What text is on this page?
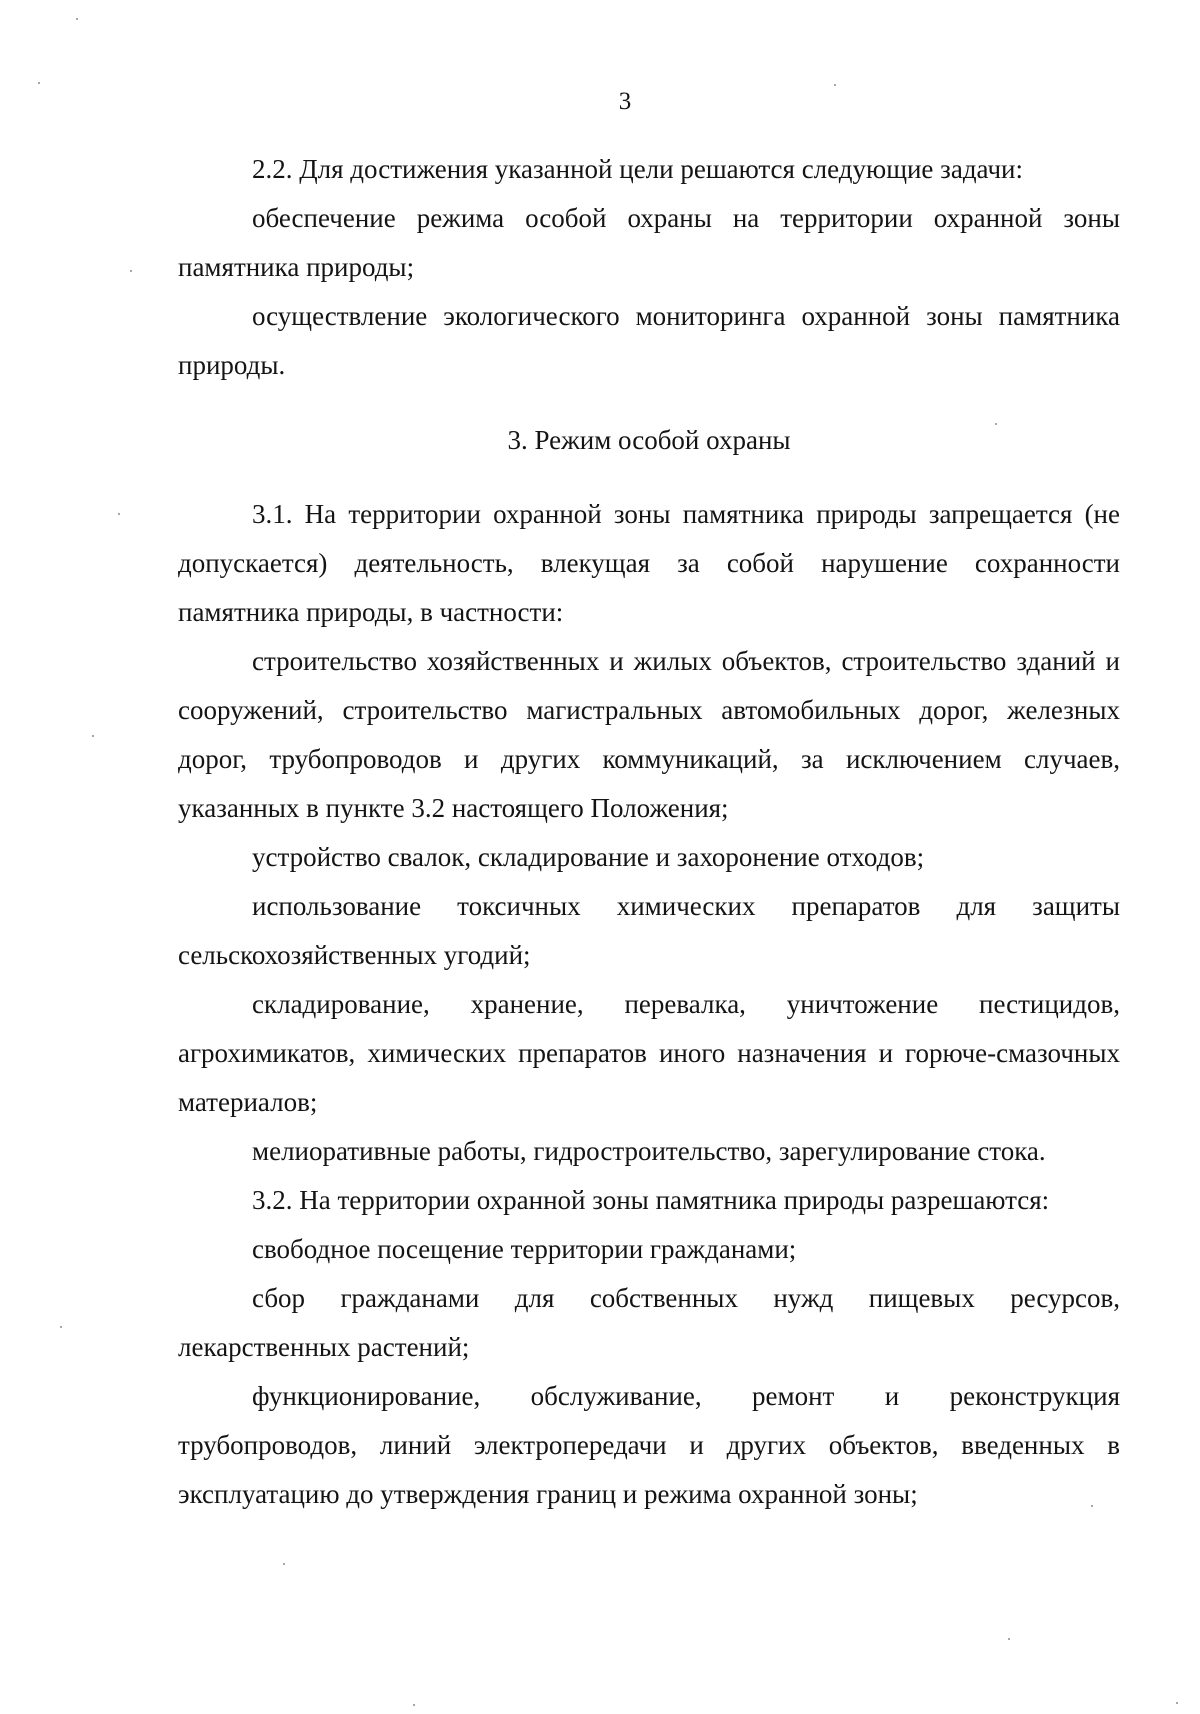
3

2.2. Для достижения указанной цели решаются следующие задачи:

обеспечение режима особой охраны на территории охранной зоны памятника природы;

осуществление экологического мониторинга охранной зоны памятника природы.

3. Режим особой охраны

3.1. На территории охранной зоны памятника природы запрещается (не допускается) деятельность, влекущая за собой нарушение сохранности памятника природы, в частности:

строительство хозяйственных и жилых объектов, строительство зданий и сооружений, строительство магистральных автомобильных дорог, железных дорог, трубопроводов и других коммуникаций, за исключением случаев, указанных в пункте 3.2 настоящего Положения;

устройство свалок, складирование и захоронение отходов;

использование токсичных химических препаратов для защиты сельскохозяйственных угодий;

складирование, хранение, перевалка, уничтожение пестицидов, агрохимикатов, химических препаратов иного назначения и горюче-смазочных материалов;

мелиоративные работы, гидростроительство, зарегулирование стока.

3.2. На территории охранной зоны памятника природы разрешаются:

свободное посещение территории гражданами;

сбор гражданами для собственных нужд пищевых ресурсов, лекарственных растений;

функционирование, обслуживание, ремонт и реконструкция трубопроводов, линий электропередачи и других объектов, введенных в эксплуатацию до утверждения границ и режима охранной зоны;
